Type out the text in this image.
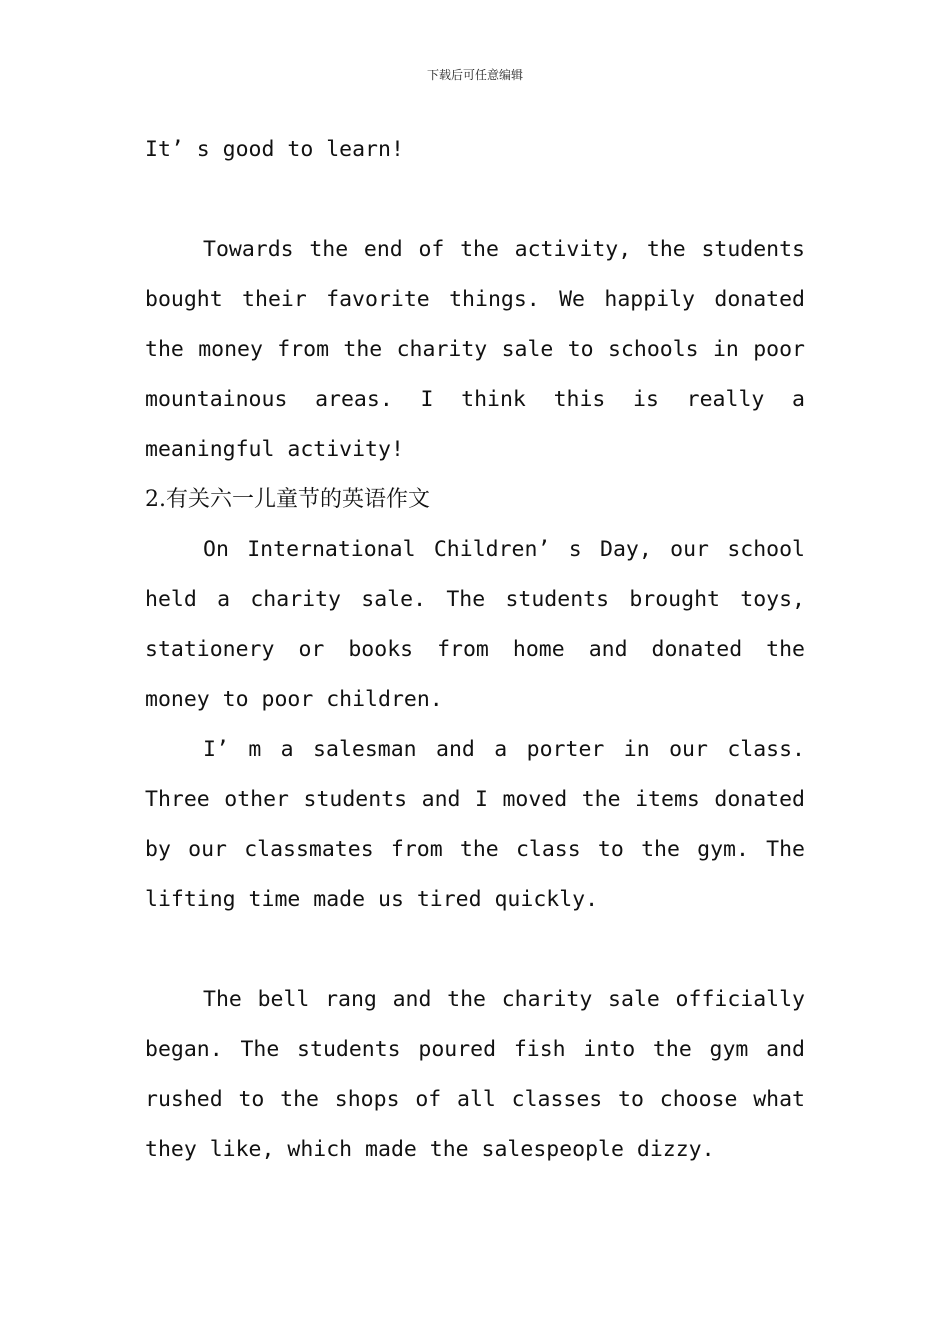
下载后可任意编辑

It’ s good to learn!

Towards the end of the activity, the students bought their favorite things. We happily donated the money from the charity sale to schools in poor mountainous areas. I think this is really a meaningful activity!

2.有关六一儿童节的英语作文

On International Children’ s Day, our school held a charity sale. The students brought toys, stationery or books from home and donated the money to poor children.

I’ m a salesman and a porter in our class. Three other students and I moved the items donated by our classmates from the class to the gym. The lifting time made us tired quickly.

The bell rang and the charity sale officially began. The students poured fish into the gym and rushed to the shops of all classes to choose what they like, which made the salespeople dizzy.
